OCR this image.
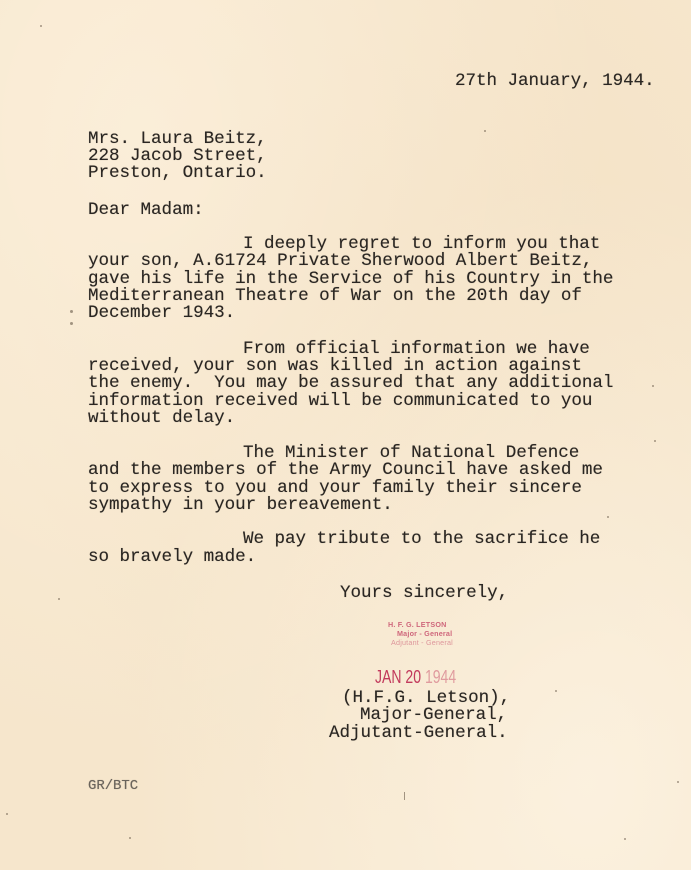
27th January, 1944.
Mrs. Laura Beitz,
228 Jacob Street,
Preston, Ontario.
Dear Madam:
I deeply regret to inform you that
your son, A.61724 Private Sherwood Albert Beitz,
gave his life in the Service of his Country in the
Mediterranean Theatre of War on the 20th day of
December 1943.
From official information we have
received, your son was killed in action against
the enemy.  You may be assured that any additional
information received will be communicated to you
without delay.
The Minister of National Defence
and the members of the Army Council have asked me
to express to you and your family their sincere
sympathy in your bereavement.
We pay tribute to the sacrifice he
so bravely made.
Yours sincerely,
H. F. G. LETSON
Major - General
Adjutant - General
JAN 20 1944
(H.F.G. Letson),
Major-General,
Adjutant-General.
GR/BTC
